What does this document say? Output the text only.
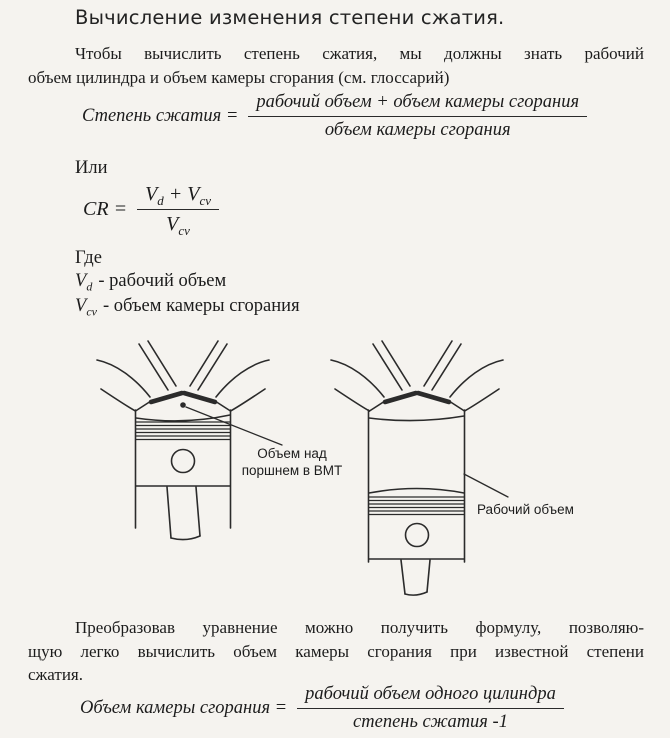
Вычисление изменения степени сжатия.
Чтобы вычислить степень сжатия, мы должны знать рабочий
объем цилиндра и объем камеры сгорания (см. глоссарий)
Степень сжатия = $\frac{\text{рабочий объем + объем камеры сгорания}}{\text{объем камеры сгорания}}$
Или
CR = $\frac{V_d + V_{cv}}{V_{cv}}$
Где
$V_d$ - рабочий объем
$V_{cv}$ - объем камеры сгорания
Объем над
поршнем в ВМТ
Рабочий объем
Преобразовав уравнение можно получить формулу, позволяю-
щую легко вычислить объем камеры сгорания при известной степени
сжатия.
Объем камеры сгорания = $\frac{\text{рабочий объем одного цилиндра}}{\text{степень сжатия -1}}$
